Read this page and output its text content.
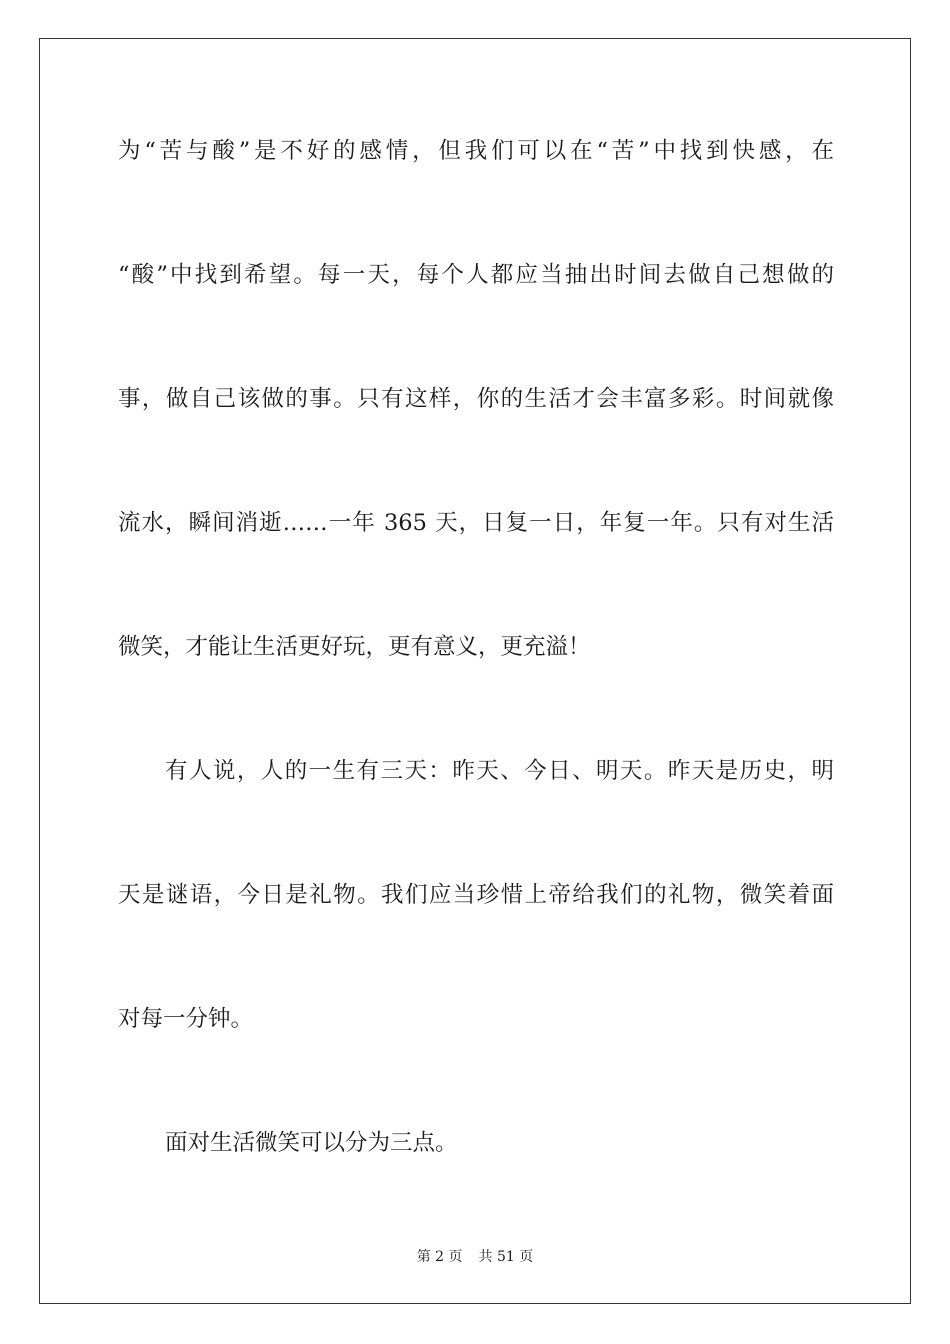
为“苦与酸”是不好的感情，但我们可以在“苦”中找到快感，在
“酸”中找到希望。每一天，每个人都应当抽出时间去做自己想做的
事，做自己该做的事。只有这样，你的生活才会丰富多彩。时间就像
流水，瞬间消逝……一年 365 天，日复一日，年复一年。只有对生活
微笑，才能让生活更好玩，更有意义，更充溢！
有人说，人的一生有三天：昨天、今日、明天。昨天是历史，明
天是谜语，今日是礼物。我们应当珍惜上帝给我们的礼物，微笑着面
对每一分钟。
面对生活微笑可以分为三点。
第 2 页 共 51 页
